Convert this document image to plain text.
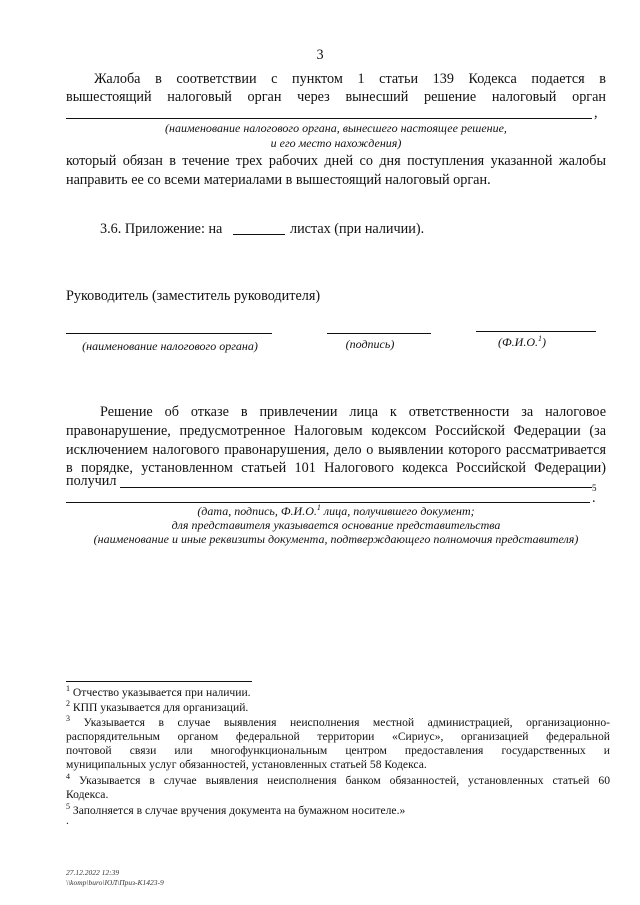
3
Жалоба в соответствии с пунктом 1 статьи 139 Кодекса подается в
вышестоящий налоговый орган через вынесший решение налоговый орган
,
(наименование налогового органа, вынесшего настоящее решение,
и его место нахождения)
который обязан в течение трех рабочих дней со дня поступления указанной жалобы
направить ее со всеми материалами в вышестоящий налоговый орган.
3.6. Приложение: на	листах (при наличии).
Руководитель (заместитель руководителя)
(наименование налогового органа)	(подпись)	(Ф.И.О.$^1$)
Решение об отказе в привлечении лица к ответственности за налоговое
правонарушение, предусмотренное Налоговым кодексом Российской Федерации (за
исключением налогового правонарушения, дело о выявлении которого рассматривается
в порядке, установленном статьей 101 Налогового кодекса Российской Федерации)
получил	5
.
(дата, подпись, Ф.И.О.$^1$ лица, получившего документ;
для представителя указывается основание представительства
(наименование и иные реквизиты документа, подтверждающего полномочия представителя)
$^1$ Отчество указывается при наличии.
$^2$ КПП указывается для организаций.
$^3$ Указывается в случае выявления неисполнения местной администрацией, организационно-
распорядительным органом федеральной территории «Сириус», организацией федеральной
почтовой связи или многофункциональным центром предоставления государственных и
муниципальных услуг обязанностей, установленных статьей 58 Кодекса.
$^4$ Указывается в случае выявления неисполнения банком обязанностей, установленных статьей 60
Кодекса.
$^5$ Заполняется в случае вручения документа на бумажном носителе.»
.
27.12.2022 12:39
\\komp\buro\ЮЛ\Приз-К1423-9
